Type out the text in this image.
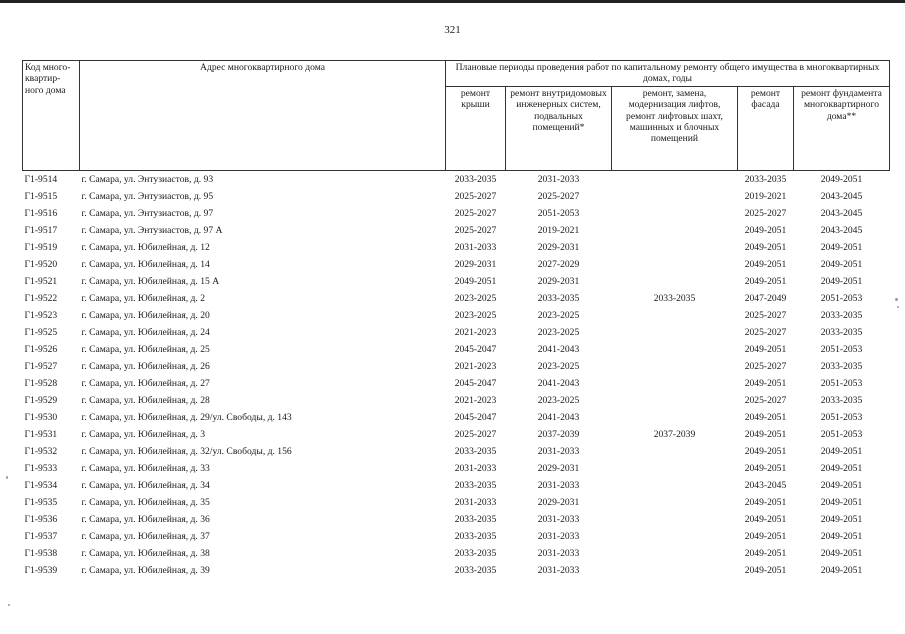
321
Код много-квартир-ного дома	Адрес многоквартирного дома	Плановые периоды проведения работ по капитальному ремонту общего имущества в многоквартирных домах, годы				
		ремонт крыши	ремонт внутридомовых инженерных систем, подвальных помещений*	ремонт, замена, модернизация лифтов, ремонт лифтовых шахт, машинных и блочных помещений	ремонт фасада	ремонт фундамента многоквартирного дома**
Г1-9514	г. Самара, ул. Энтузиастов, д. 93	2033-2035	2031-2033		2033-2035	2049-2051
Г1-9515	г. Самара, ул. Энтузиастов, д. 95	2025-2027	2025-2027		2019-2021	2043-2045
Г1-9516	г. Самара, ул. Энтузиастов, д. 97	2025-2027	2051-2053		2025-2027	2043-2045
Г1-9517	г. Самара, ул. Энтузиастов, д. 97 А	2025-2027	2019-2021		2049-2051	2043-2045
Г1-9519	г. Самара, ул. Юбилейная, д. 12	2031-2033	2029-2031		2049-2051	2049-2051
Г1-9520	г. Самара, ул. Юбилейная, д. 14	2029-2031	2027-2029		2049-2051	2049-2051
Г1-9521	г. Самара, ул. Юбилейная, д. 15 А	2049-2051	2029-2031		2049-2051	2049-2051
Г1-9522	г. Самара, ул. Юбилейная, д. 2	2023-2025	2033-2035	2033-2035	2047-2049	2051-2053
Г1-9523	г. Самара, ул. Юбилейная, д. 20	2023-2025	2023-2025		2025-2027	2033-2035
Г1-9525	г. Самара, ул. Юбилейная, д. 24	2021-2023	2023-2025		2025-2027	2033-2035
Г1-9526	г. Самара, ул. Юбилейная, д. 25	2045-2047	2041-2043		2049-2051	2051-2053
Г1-9527	г. Самара, ул. Юбилейная, д. 26	2021-2023	2023-2025		2025-2027	2033-2035
Г1-9528	г. Самара, ул. Юбилейная, д. 27	2045-2047	2041-2043		2049-2051	2051-2053
Г1-9529	г. Самара, ул. Юбилейная, д. 28	2021-2023	2023-2025		2025-2027	2033-2035
Г1-9530	г. Самара, ул. Юбилейная, д. 29/ул. Свободы, д. 143	2045-2047	2041-2043		2049-2051	2051-2053
Г1-9531	г. Самара, ул. Юбилейная, д. 3	2025-2027	2037-2039	2037-2039	2049-2051	2051-2053
Г1-9532	г. Самара, ул. Юбилейная, д. 32/ул. Свободы, д. 156	2033-2035	2031-2033		2049-2051	2049-2051
Г1-9533	г. Самара, ул. Юбилейная, д. 33	2031-2033	2029-2031		2049-2051	2049-2051
Г1-9534	г. Самара, ул. Юбилейная, д. 34	2033-2035	2031-2033		2043-2045	2049-2051
Г1-9535	г. Самара, ул. Юбилейная, д. 35	2031-2033	2029-2031		2049-2051	2049-2051
Г1-9536	г. Самара, ул. Юбилейная, д. 36	2033-2035	2031-2033		2049-2051	2049-2051
Г1-9537	г. Самара, ул. Юбилейная, д. 37	2033-2035	2031-2033		2049-2051	2049-2051
Г1-9538	г. Самара, ул. Юбилейная, д. 38	2033-2035	2031-2033		2049-2051	2049-2051
Г1-9539	г. Самара, ул. Юбилейная, д. 39	2033-2035	2031-2033		2049-2051	2049-2051
